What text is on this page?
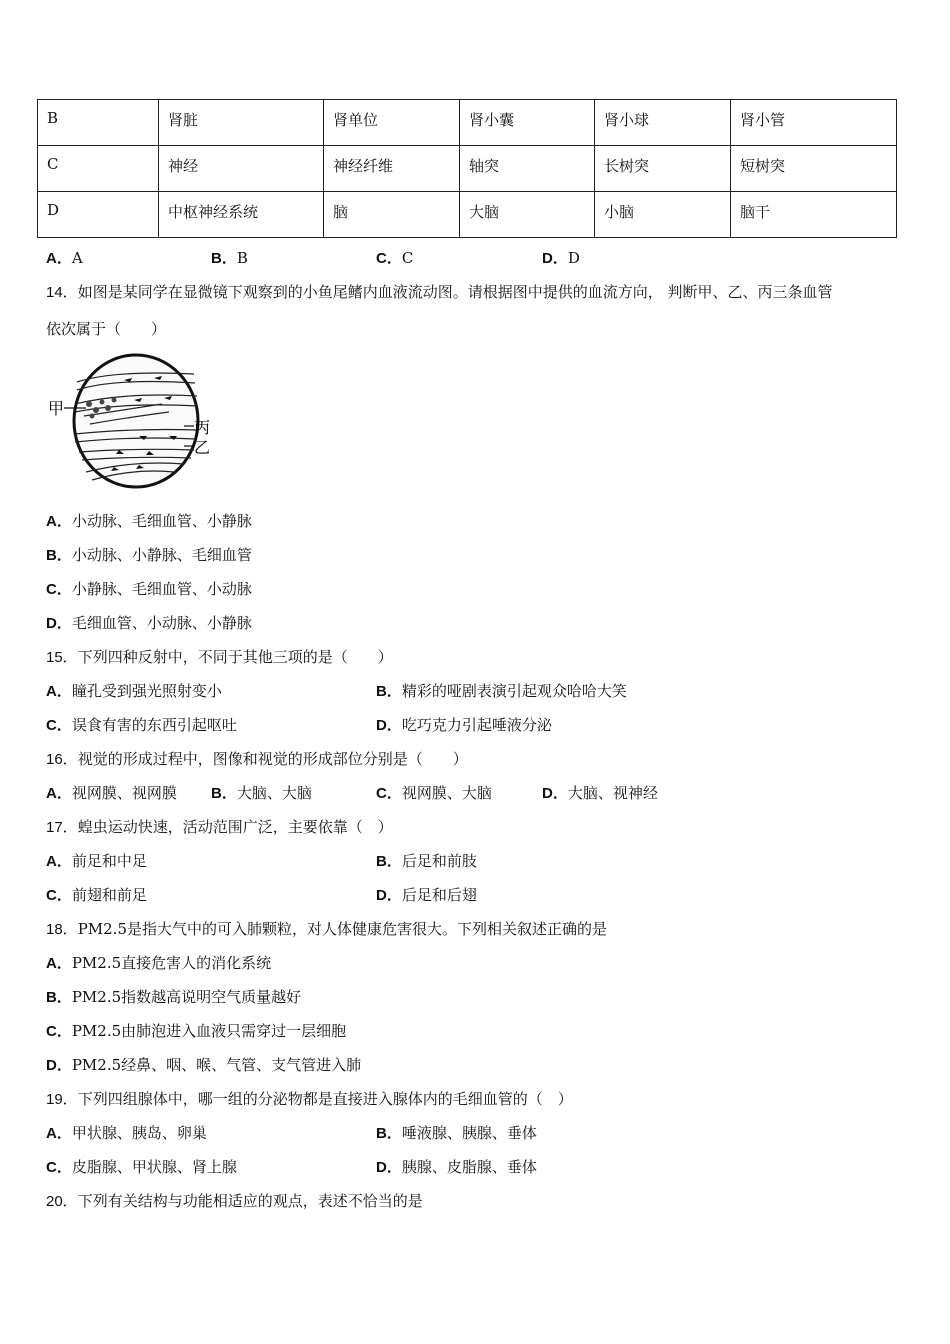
B	肾脏	肾单位	肾小囊	肾小球	肾小管
C	神经	神经纤维	轴突	长树突	短树突
D	中枢神经系统	脑	大脑	小脑	脑干
A．A	B．B	C．C	D．D
14．如图是某同学在显微镜下观察到的小鱼尾鳍内血液流动图。请根据图中提供的血流方向， 判断甲、乙、丙三条血管
依次属于（　　）
甲
丙
乙
A．小动脉、毛细血管、小静脉
B．小动脉、小静脉、毛细血管
C．小静脉、毛细血管、小动脉
D．毛细血管、小动脉、小静脉
15．下列四种反射中，不同于其他三项的是（　　）
A．瞳孔受到强光照射变小	B．精彩的哑剧表演引起观众哈哈大笑
C．误食有害的东西引起呕吐	D．吃巧克力引起唾液分泌
16．视觉的形成过程中，图像和视觉的形成部位分别是（　　）
A．视网膜、视网膜 B．大脑、大脑	C．视网膜、大脑	D．大脑、视神经
17．蝗虫运动快速，活动范围广泛，主要依靠（　）
A．前足和中足	B．后足和前肢
C．前翅和前足	D．后足和后翅
18．PM2.5是指大气中的可入肺颗粒，对人体健康危害很大。下列相关叙述正确的是
A．PM2.5直接危害人的消化系统
B．PM2.5指数越高说明空气质量越好
C．PM2.5由肺泡进入血液只需穿过一层细胞
D．PM2.5经鼻、咽、喉、气管、支气管进入肺
19．下列四组腺体中，哪一组的分泌物都是直接进入腺体内的毛细血管的（　）
A．甲状腺、胰岛、卵巢	B．唾液腺、胰腺、垂体
C．皮脂腺、甲状腺、肾上腺	D．胰腺、皮脂腺、垂体
20．下列有关结构与功能相适应的观点，表述不恰当的是
